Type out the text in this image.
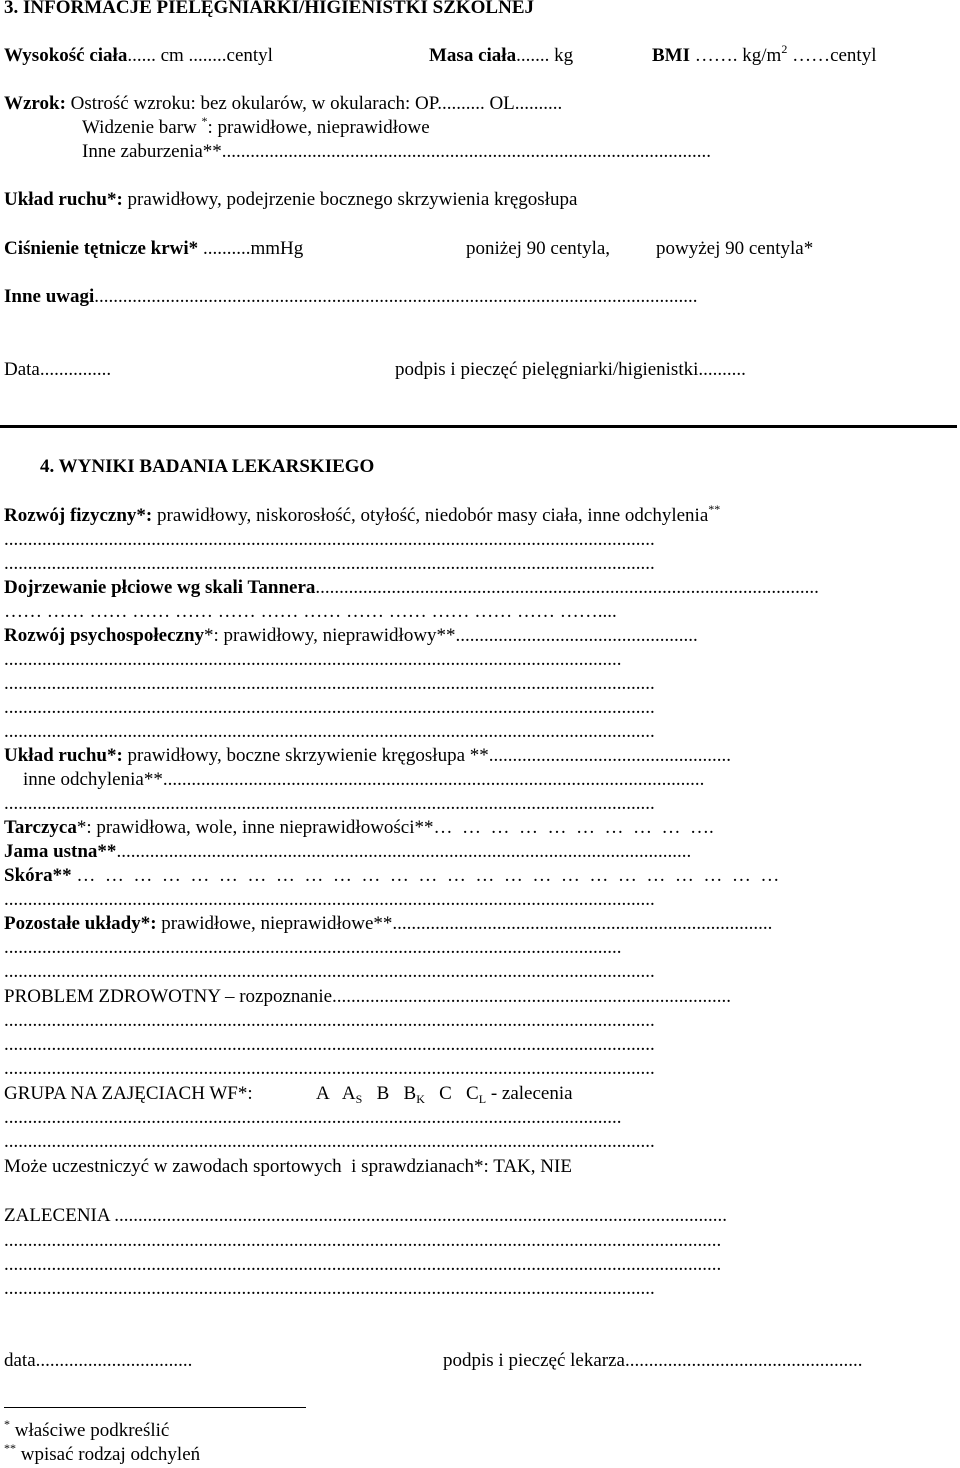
3. INFORMACJE PIELĘGNIARKI/HIGIENISTKI SZKOLNEJ
Wysokość ciała...... cm ........centyl	Masa ciała....... kg	BMI ……. $kg/m^2$ ……centyl
Wzrok: Ostrość wzroku: bez okularów, w okularach: OP.......... OL..........
Widzenie barw *: prawidłowe, nieprawidłowe
Inne zaburzenia**.......................................................................................................
Układ ruchu*: prawidłowy, podejrzenie bocznego skrzywienia kręgosłupa
Ciśnienie tętnicze krwi* ..........mmHg	poniżej 90 centyla, powyżej 90 centyla*
Inne uwagi...............................................................................................................................
Data...............	podpis i pieczęć pielęgniarki/higienistki..........
4. WYNIKI BADANIA LEKARSKIEGO
Rozwój fizyczny*: prawidłowy, niskorosłość, otyłość, niedobór masy ciała, inne odchylenia**
.........................................................................................................................................
.........................................................................................................................................
Dojrzewanie płciowe wg skali Tannera..........................................................................................................
…… …… …… …… …… …… …… …… …… …… …… …… …… ……....
Rozwój psychospołeczny*: prawidłowy, nieprawidłowy**...................................................
..................................................................................................................................
.........................................................................................................................................
.........................................................................................................................................
.........................................................................................................................................
Układ ruchu*: prawidłowy, boczne skrzywienie kręgosłupa **...................................................
inne odchylenia**..................................................................................................................
.........................................................................................................................................
Tarczyca*: prawidłowa, wole, inne nieprawidłowości**…  …  …  …  …  …  …  …  …  ….
Jama ustna**.........................................................................................................................
Skóra** …  …  …  …  …  …  …  …  …  …  …  …  …  …  …  …  …  …  …  …  …  …  …  …  …
.........................................................................................................................................
Pozostałe układy*: prawidłowe, nieprawidłowe**................................................................................
..................................................................................................................................
.........................................................................................................................................
PROBLEM ZDROWOTNY – rozpoznanie....................................................................................
.........................................................................................................................................
.........................................................................................................................................
.........................................................................................................................................
GRUPA NA ZAJĘCIACH WF*:	A $A_S$ B $B_K$ C $C_L$ - zalecenia
..................................................................................................................................
.........................................................................................................................................
Może uczestniczyć w zawodach sportowych  i sprawdzianach*: TAK, NIE
ZALECENIA .................................................................................................................................
.......................................................................................................................................................
.......................................................................................................................................................
.........................................................................................................................................
data.................................	podpis i pieczęć lekarza..................................................
* właściwe podkreślić
** wpisać rodzaj odchyleń
